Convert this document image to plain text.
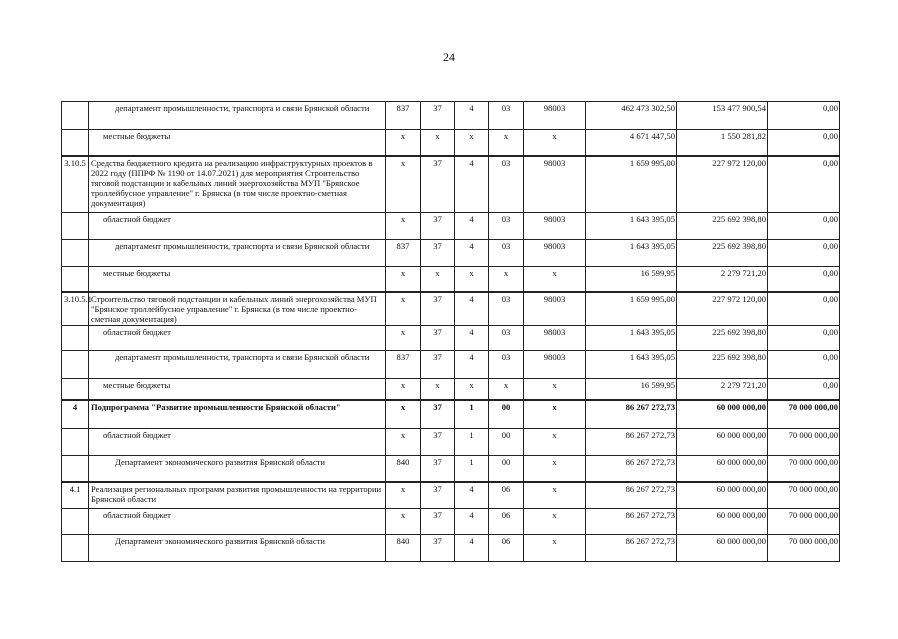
24
	департамент промышленности, транспорта и связи Брянской области	837	37	4	03	98003	462 473 302,50	153 477 900,54	0,00
	местные бюджеты	x	x	x	x	x	4 671 447,50	1 550 281,82	0,00
3.10.5	Средства бюджетного кредита на реализацию инфраструктурных проектов в 2022 году (ППРФ № 1190 от 14.07.2021) для мероприятия Строительство тяговой подстанции и кабельных линий энергохозяйства МУП "Брянское троллейбусное управление" г. Брянска (в том числе проектно-сметная документация)	x	37	4	03	98003	1 659 995,00	227 972 120,00	0,00
	областной бюджет	x	37	4	03	98003	1 643 395,05	225 692 398,80	0,00
	департамент промышленности, транспорта и связи Брянской области	837	37	4	03	98003	1 643 395,05	225 692 398,80	0,00
	местные бюджеты	x	x	x	x	x	16 599,95	2 279 721,20	0,00
3.10.5.1	Строительство тяговой подстанции и кабельных линий энергохозяйства МУП "Брянское троллейбусное управление" г. Брянска (в том числе проектно-сметная документация)	x	37	4	03	98003	1 659 995,00	227 972 120,00	0,00
	областной бюджет	x	37	4	03	98003	1 643 395,05	225 692 398,80	0,00
	департамент промышленности, транспорта и связи Брянской области	837	37	4	03	98003	1 643 395,05	225 692 398,80	0,00
	местные бюджеты	x	x	x	x	x	16 599,95	2 279 721,20	0,00
4	Подпрограмма "Развитие промышленности Брянской области"	x	37	1	00	x	86 267 272,73	60 000 000,00	70 000 000,00
	областной бюджет	x	37	1	00	x	86 267 272,73	60 000 000,00	70 000 000,00
	Департамент экономического развития Брянской области	840	37	1	00	x	86 267 272,73	60 000 000,00	70 000 000,00
4.1	Реализация региональных программ развития промышленности на территории Брянской области	x	37	4	06	x	86 267 272,73	60 000 000,00	70 000 000,00
	областной бюджет	x	37	4	06	x	86 267 272,73	60 000 000,00	70 000 000,00
	Департамент экономического развития Брянской области	840	37	4	06	x	86 267 272,73	60 000 000,00	70 000 000,00
